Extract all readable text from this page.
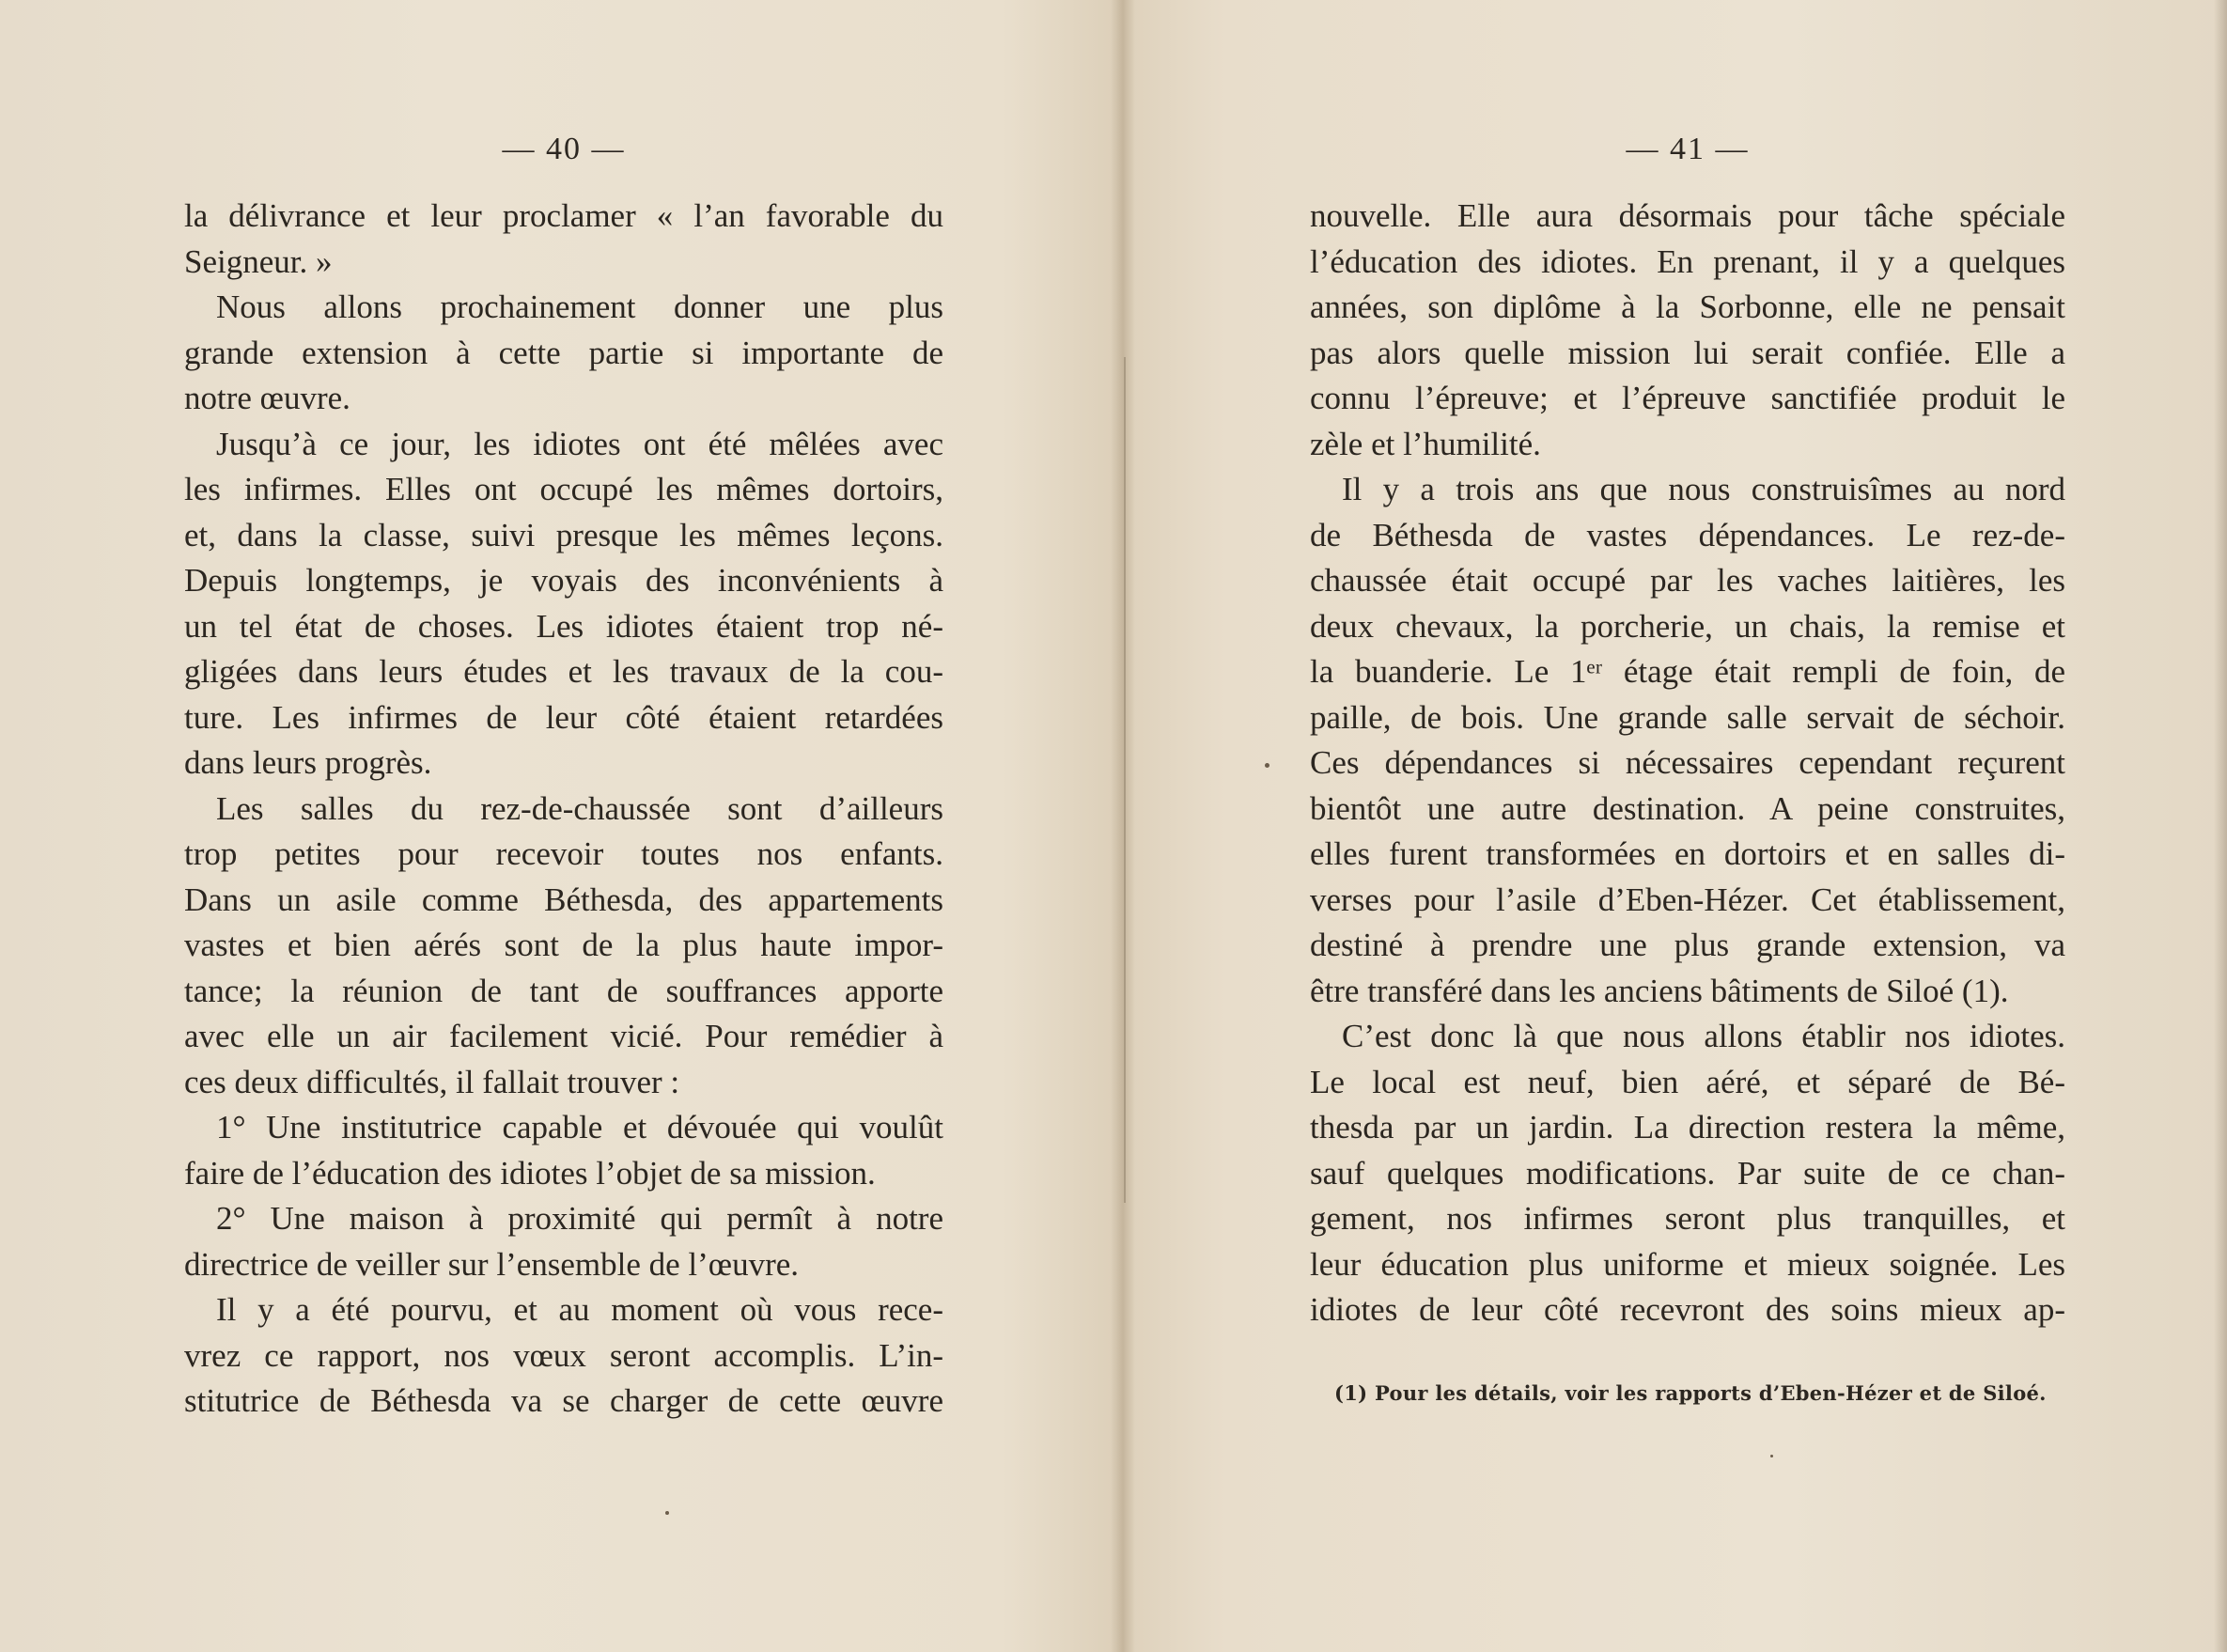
— 40 —
la délivrance et leur proclamer « l’an favorable du
Seigneur. »
Nous allons prochainement donner une plus
grande extension à cette partie si importante de
notre œuvre.
Jusqu’à ce jour, les idiotes ont été mêlées avec
les infirmes. Elles ont occupé les mêmes dortoirs,
et, dans la classe, suivi presque les mêmes leçons.
Depuis longtemps, je voyais des inconvénients à
un tel état de choses. Les idiotes étaient trop né-
gligées dans leurs études et les travaux de la cou-
ture. Les infirmes de leur côté étaient retardées
dans leurs progrès.
Les salles du rez-de-chaussée sont d’ailleurs
trop petites pour recevoir toutes nos enfants.
Dans un asile comme Béthesda, des appartements
vastes et bien aérés sont de la plus haute impor-
tance; la réunion de tant de souffrances apporte
avec elle un air facilement vicié. Pour remédier à
ces deux difficultés, il fallait trouver :
1° Une institutrice capable et dévouée qui voulût
faire de l’éducation des idiotes l’objet de sa mission.
2° Une maison à proximité qui permît à notre
directrice de veiller sur l’ensemble de l’œuvre.
Il y a été pourvu, et au moment où vous rece-
vrez ce rapport, nos vœux seront accomplis. L’in-
stitutrice de Béthesda va se charger de cette œuvre
— 41 —
nouvelle. Elle aura désormais pour tâche spéciale
l’éducation des idiotes. En prenant, il y a quelques
années, son diplôme à la Sorbonne, elle ne pensait
pas alors quelle mission lui serait confiée. Elle a
connu l’épreuve; et l’épreuve sanctifiée produit le
zèle et l’humilité.
Il y a trois ans que nous construisîmes au nord
de Béthesda de vastes dépendances. Le rez-de-
chaussée était occupé par les vaches laitières, les
deux chevaux, la porcherie, un chais, la remise et
la buanderie. Le 1ᵉʳ étage était rempli de foin, de
paille, de bois. Une grande salle servait de séchoir.
Ces dépendances si nécessaires cependant reçurent
bientôt une autre destination. A peine construites,
elles furent transformées en dortoirs et en salles di-
verses pour l’asile d’Eben-Hézer. Cet établissement,
destiné à prendre une plus grande extension, va
être transféré dans les anciens bâtiments de Siloé (1).
C’est donc là que nous allons établir nos idiotes.
Le local est neuf, bien aéré, et séparé de Bé-
thesda par un jardin. La direction restera la même,
sauf quelques modifications. Par suite de ce chan-
gement, nos infirmes seront plus tranquilles, et
leur éducation plus uniforme et mieux soignée. Les
idiotes de leur côté recevront des soins mieux ap-
(1) Pour les détails, voir les rapports d’Eben-Hézer et de Siloé.
